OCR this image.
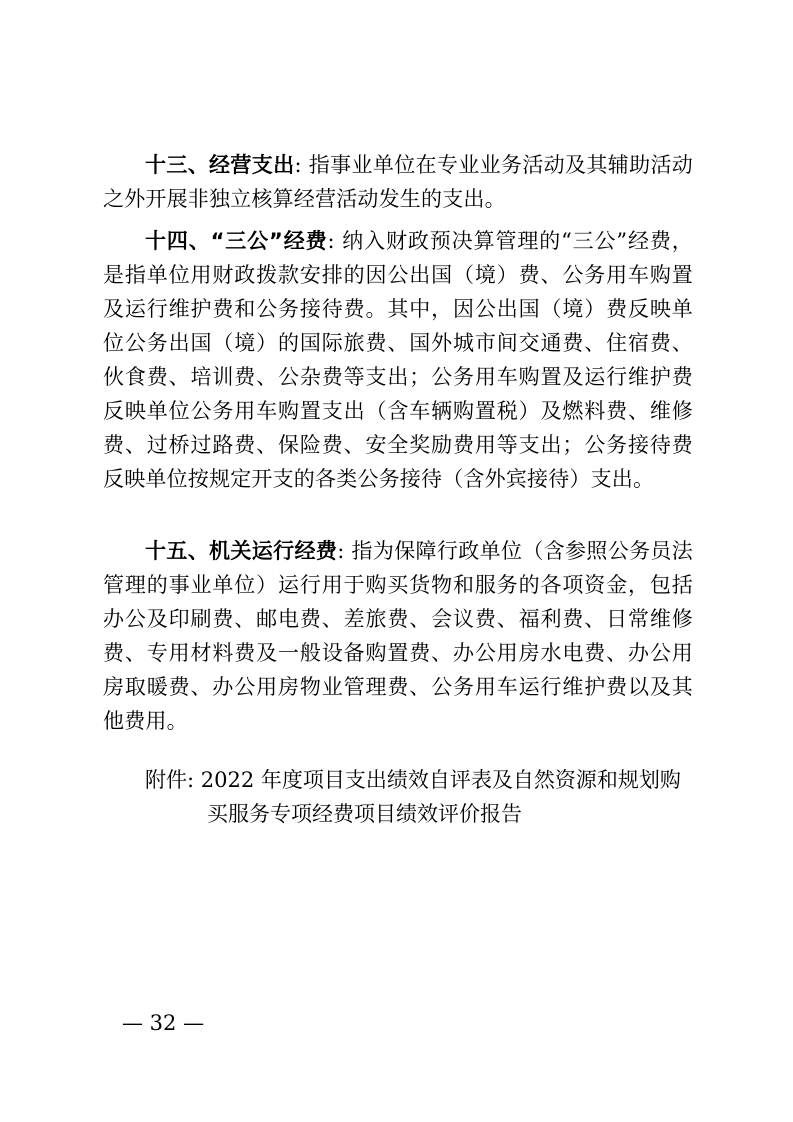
十三、经营支出: 指事业单位在专业业务活动及其辅助活动之外开展非独立核算经营活动发生的支出。

十四、“三公”经费: 纳入财政预决算管理的“三公”经费，是指单位用财政拨款安排的因公出国（境）费、公务用车购置及运行维护费和公务接待费。其中，因公出国（境）费反映单位公务出国（境）的国际旅费、国外城市间交通费、住宿费、伙食费、培训费、公杂费等支出；公务用车购置及运行维护费反映单位公务用车购置支出（含车辆购置税）及燃料费、维修费、过桥过路费、保险费、安全奖励费用等支出；公务接待费反映单位按规定开支的各类公务接待（含外宾接待）支出。

十五、机关运行经费: 指为保障行政单位（含参照公务员法管理的事业单位）运行用于购买货物和服务的各项资金，包括办公及印刷费、邮电费、差旅费、会议费、福利费、日常维修费、专用材料费及一般设备购置费、办公用房水电费、办公用房取暖费、办公用房物业管理费、公务用车运行维护费以及其他费用。

附件: 2022 年度项目支出绩效自评表及自然资源和规划购
买服务专项经费项目绩效评价报告

— 32 —
